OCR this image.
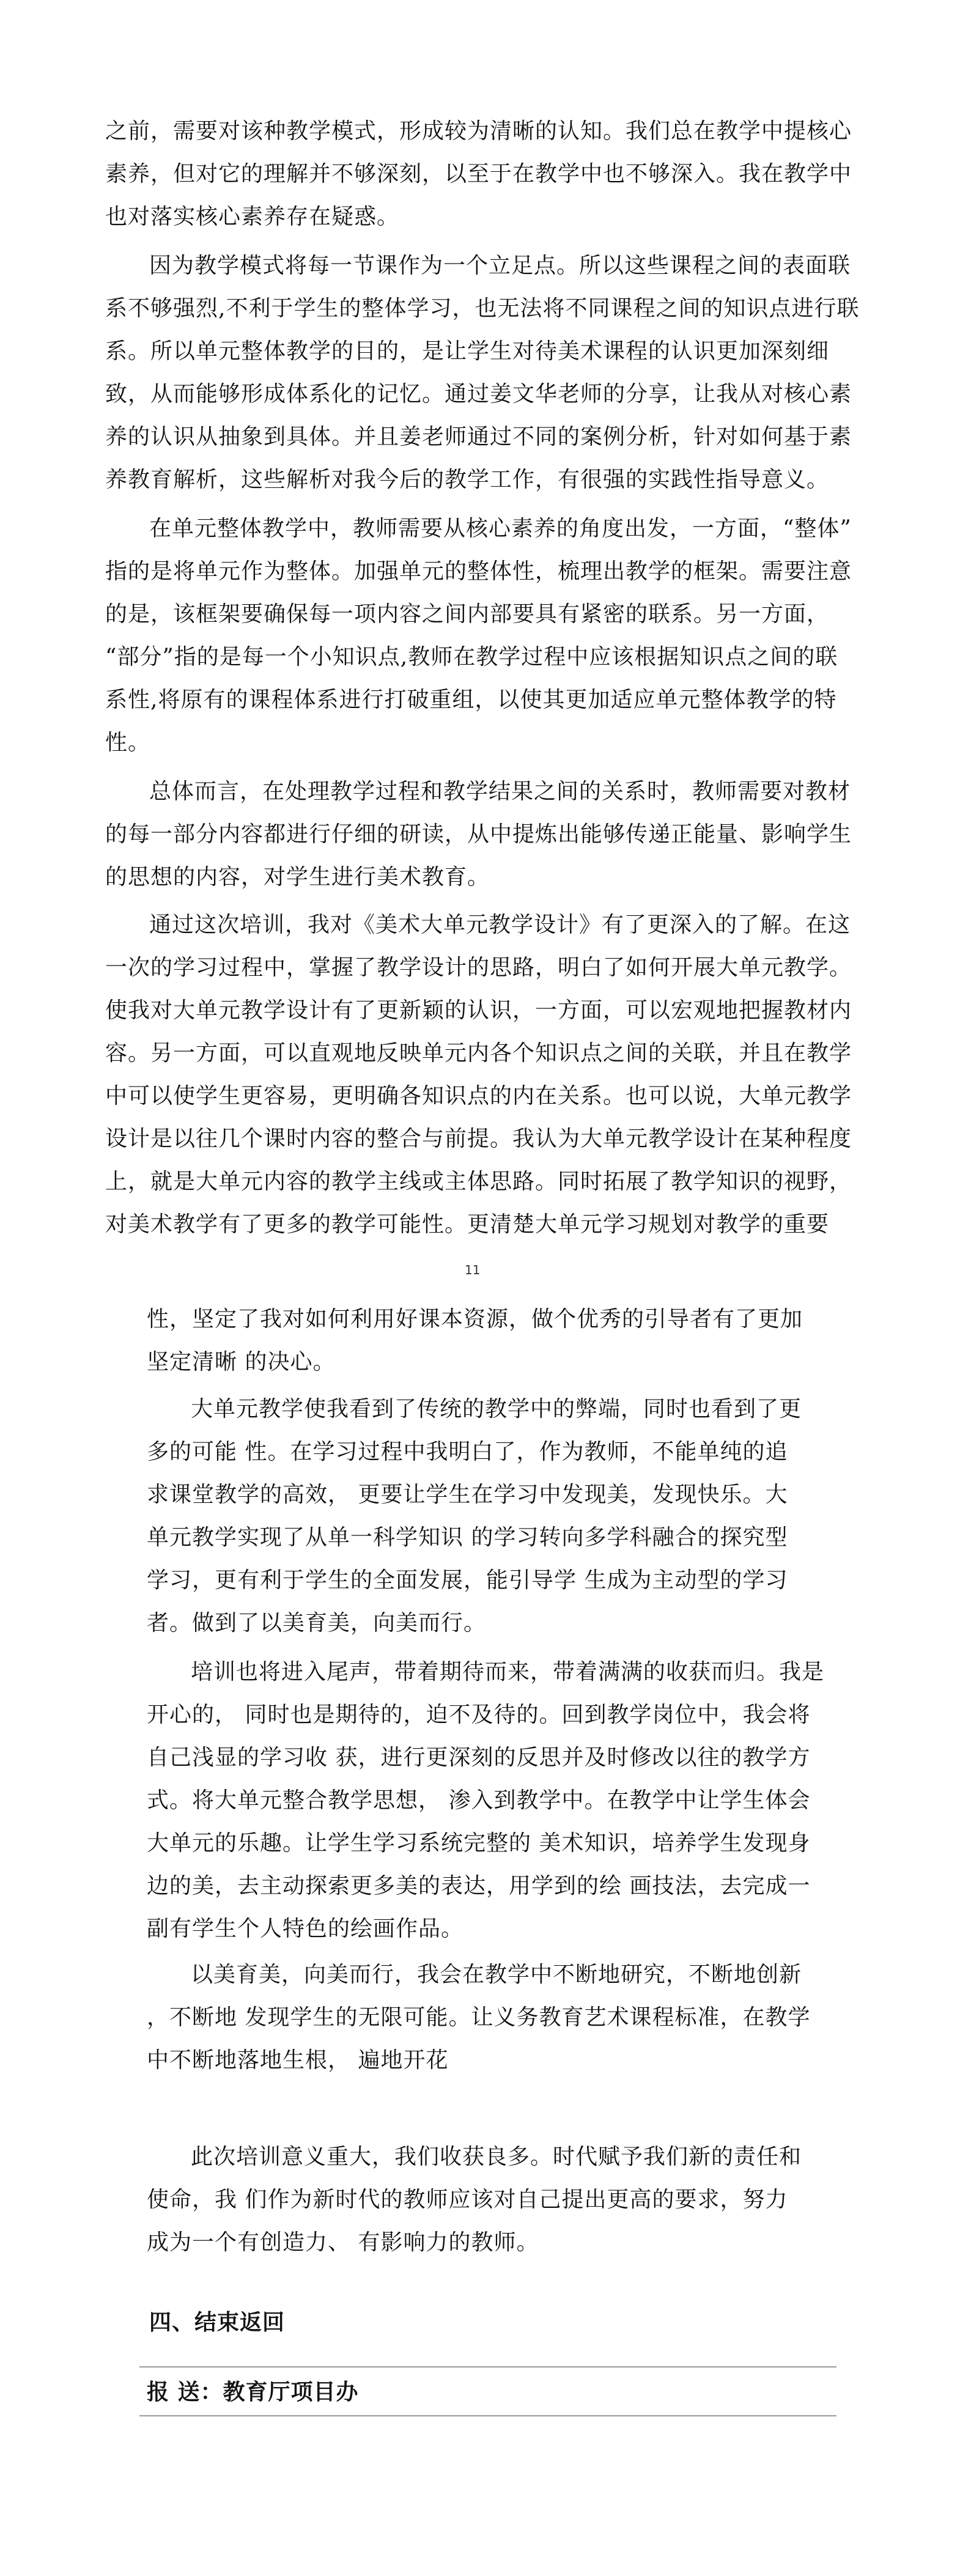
之前，需要对该种教学模式，形成较为清晰的认知。我们总在教学中提核心
素养，但对它的理解并不够深刻，以至于在教学中也不够深入。我在教学中
也对落实核心素养存在疑惑。
因为教学模式将每一节课作为一个立足点。所以这些课程之间的表面联
系不够强烈,不利于学生的整体学习，也无法将不同课程之间的知识点进行联
系。所以单元整体教学的目的，是让学生对待美术课程的认识更加深刻细
致，从而能够形成体系化的记忆。通过姜文华老师的分享，让我从对核心素
养的认识从抽象到具体。并且姜老师通过不同的案例分析，针对如何基于素
养教育解析，这些解析对我今后的教学工作，有很强的实践性指导意义。
在单元整体教学中，教师需要从核心素养的角度出发，一方面，“整体”
指的是将单元作为整体。加强单元的整体性，梳理出教学的框架。需要注意
的是，该框架要确保每一项内容之间内部要具有紧密的联系。另一方面，
“部分”指的是每一个小知识点,教师在教学过程中应该根据知识点之间的联
系性,将原有的课程体系进行打破重组，以使其更加适应单元整体教学的特
性。
总体而言，在处理教学过程和教学结果之间的关系时，教师需要对教材
的每一部分内容都进行仔细的研读，从中提炼出能够传递正能量、影响学生
的思想的内容，对学生进行美术教育。
通过这次培训，我对《美术大单元教学设计》有了更深入的了解。在这
一次的学习过程中，掌握了教学设计的思路，明白了如何开展大单元教学。
使我对大单元教学设计有了更新颖的认识，一方面，可以宏观地把握教材内
容。另一方面，可以直观地反映单元内各个知识点之间的关联，并且在教学
中可以使学生更容易，更明确各知识点的内在关系。也可以说，大单元教学
设计是以往几个课时内容的整合与前提。我认为大单元教学设计在某种程度
上，就是大单元内容的教学主线或主体思路。同时拓展了教学知识的视野，
对美术教学有了更多的教学可能性。更清楚大单元学习规划对教学的重要
11
性，坚定了我对如何利用好课本资源，做个优秀的引导者有了更加
坚定清晰 的决心。
大单元教学使我看到了传统的教学中的弊端，同时也看到了更
多的可能 性。在学习过程中我明白了，作为教师，不能单纯的追
求课堂教学的高效， 更要让学生在学习中发现美，发现快乐。大
单元教学实现了从单一科学知识 的学习转向多学科融合的探究型
学习，更有利于学生的全面发展，能引导学 生成为主动型的学习
者。做到了以美育美，向美而行。
培训也将进入尾声，带着期待而来，带着满满的收获而归。我是
开心的， 同时也是期待的，迫不及待的。回到教学岗位中，我会将
自己浅显的学习收 获，进行更深刻的反思并及时修改以往的教学方
式。将大单元整合教学思想， 渗入到教学中。在教学中让学生体会
大单元的乐趣。让学生学习系统完整的 美术知识，培养学生发现身
边的美，去主动探索更多美的表达，用学到的绘 画技法，去完成一
副有学生个人特色的绘画作品。
以美育美，向美而行，我会在教学中不断地研究，不断地创新
，不断地 发现学生的无限可能。让义务教育艺术课程标准，在教学
中不断地落地生根， 遍地开花
此次培训意义重大，我们收获良多。时代赋予我们新的责任和
使命，我 们作为新时代的教师应该对自己提出更高的要求，努力
成为一个有创造力、 有影响力的教师。
四、结束返回
报 送：教育厅项目办
